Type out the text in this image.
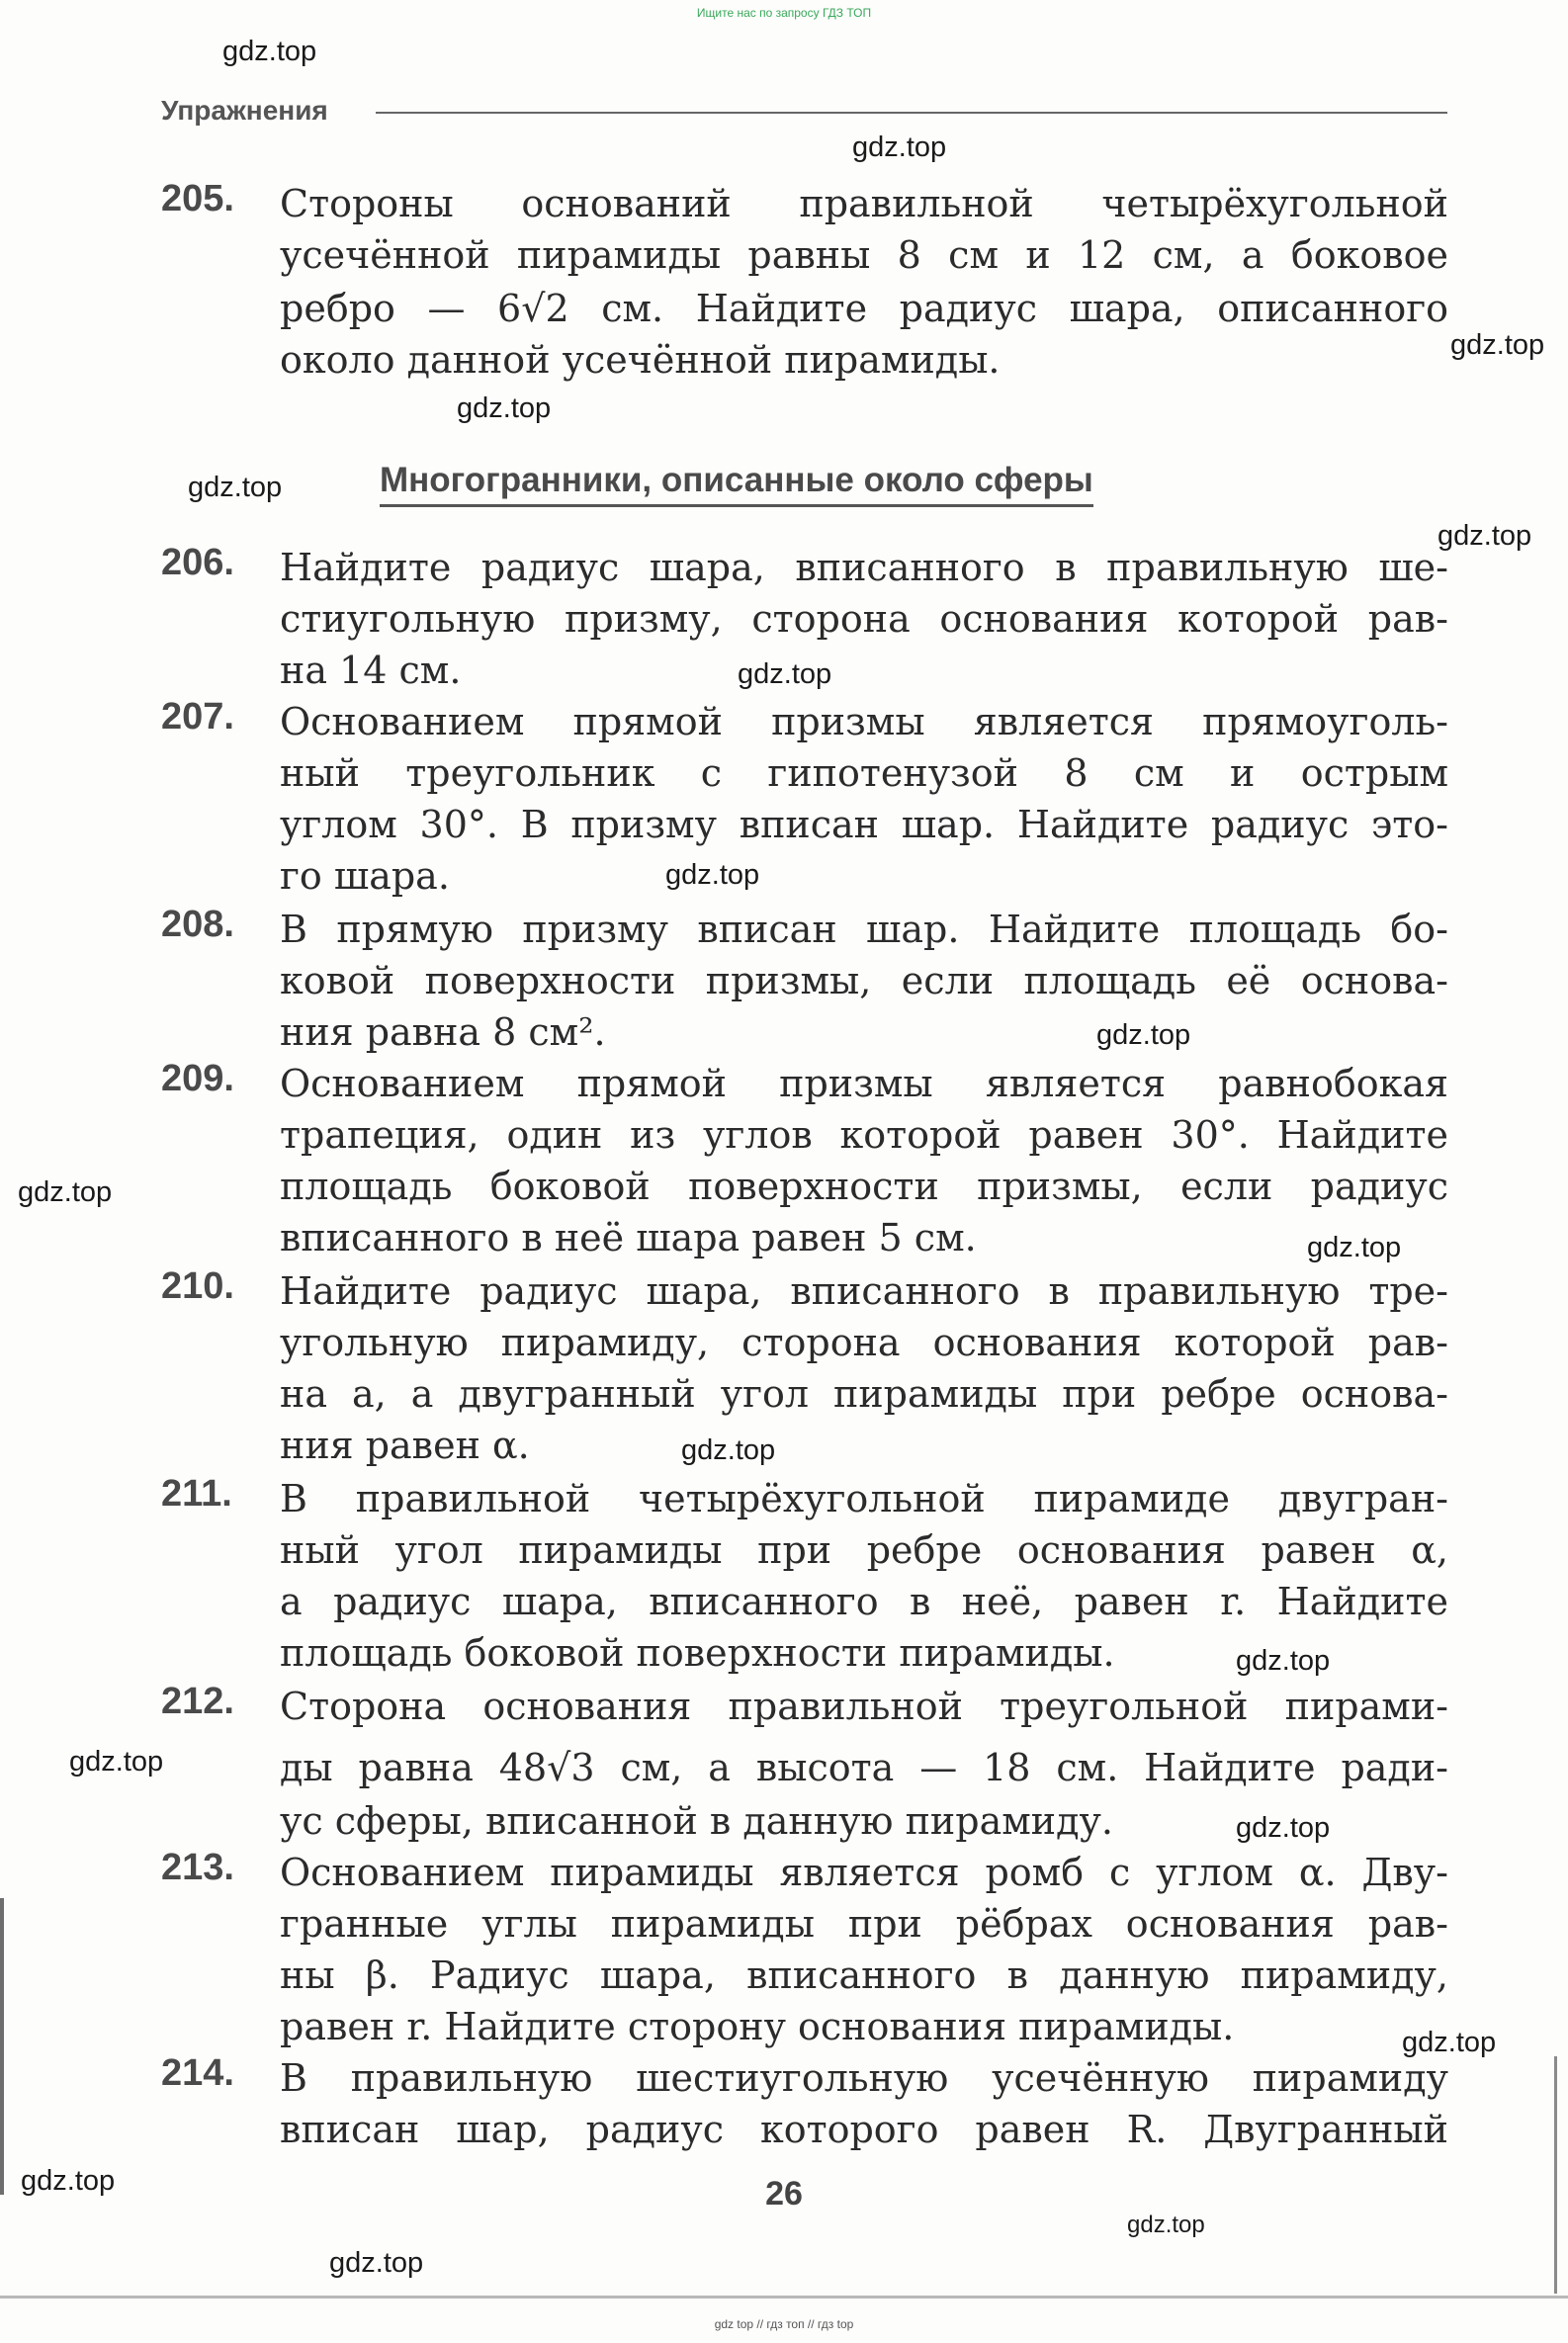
Ищите нас по запросу ГДЗ ТОП
Упражнения
205. Стороны оснований правильной четырёхугольной
усечённой пирамиды равны 8 см и 12 см, а боковое
ребро — 6√2 см. Найдите радиус шара, описанного
около данной усечённой пирамиды.
Многогранники, описанные около сферы
206. Найдите радиус шара, вписанного в правильную ше-
стиугольную призму, сторона основания которой рав-
на 14 см.
207. Основанием прямой призмы является прямоуголь-
ный треугольник с гипотенузой 8 см и острым
углом 30°. В призму вписан шар. Найдите радиус это-
го шара.
208. В прямую призму вписан шар. Найдите площадь бо-
ковой поверхности призмы, если площадь её основа-
ния равна 8 см².
209. Основанием прямой призмы является равнобокая
трапеция, один из углов которой равен 30°. Найдите
площадь боковой поверхности призмы, если радиус
вписанного в неё шара равен 5 см.
210. Найдите радиус шара, вписанного в правильную тре-
угольную пирамиду, сторона основания которой рав-
на a, а двугранный угол пирамиды при ребре основа-
ния равен α.
211. В правильной четырёхугольной пирамиде двугран-
ный угол пирамиды при ребре основания равен α,
а радиус шара, вписанного в неё, равен r. Найдите
площадь боковой поверхности пирамиды.
212. Сторона основания правильной треугольной пирами-
ды равна 48√3 см, а высота — 18 см. Найдите ради-
ус сферы, вписанной в данную пирамиду.
213. Основанием пирамиды является ромб с углом α. Дву-
гранные углы пирамиды при рёбрах основания рав-
ны β. Радиус шара, вписанного в данную пирамиду,
равен r. Найдите сторону основания пирамиды.
214. В правильную шестиугольную усечённую пирамиду
вписан шар, радиус которого равен R. Двугранный
26
gdz.top
gdz.top
gdz.top
gdz.top
gdz.top
gdz.top
gdz.top
gdz.top
gdz.top
gdz.top
gdz.top
gdz.top
gdz.top
gdz.top
gdz.top
gdz.top
gdz.top
gdz.top
gdz.top
gdz top // гдз топ // гдз top
